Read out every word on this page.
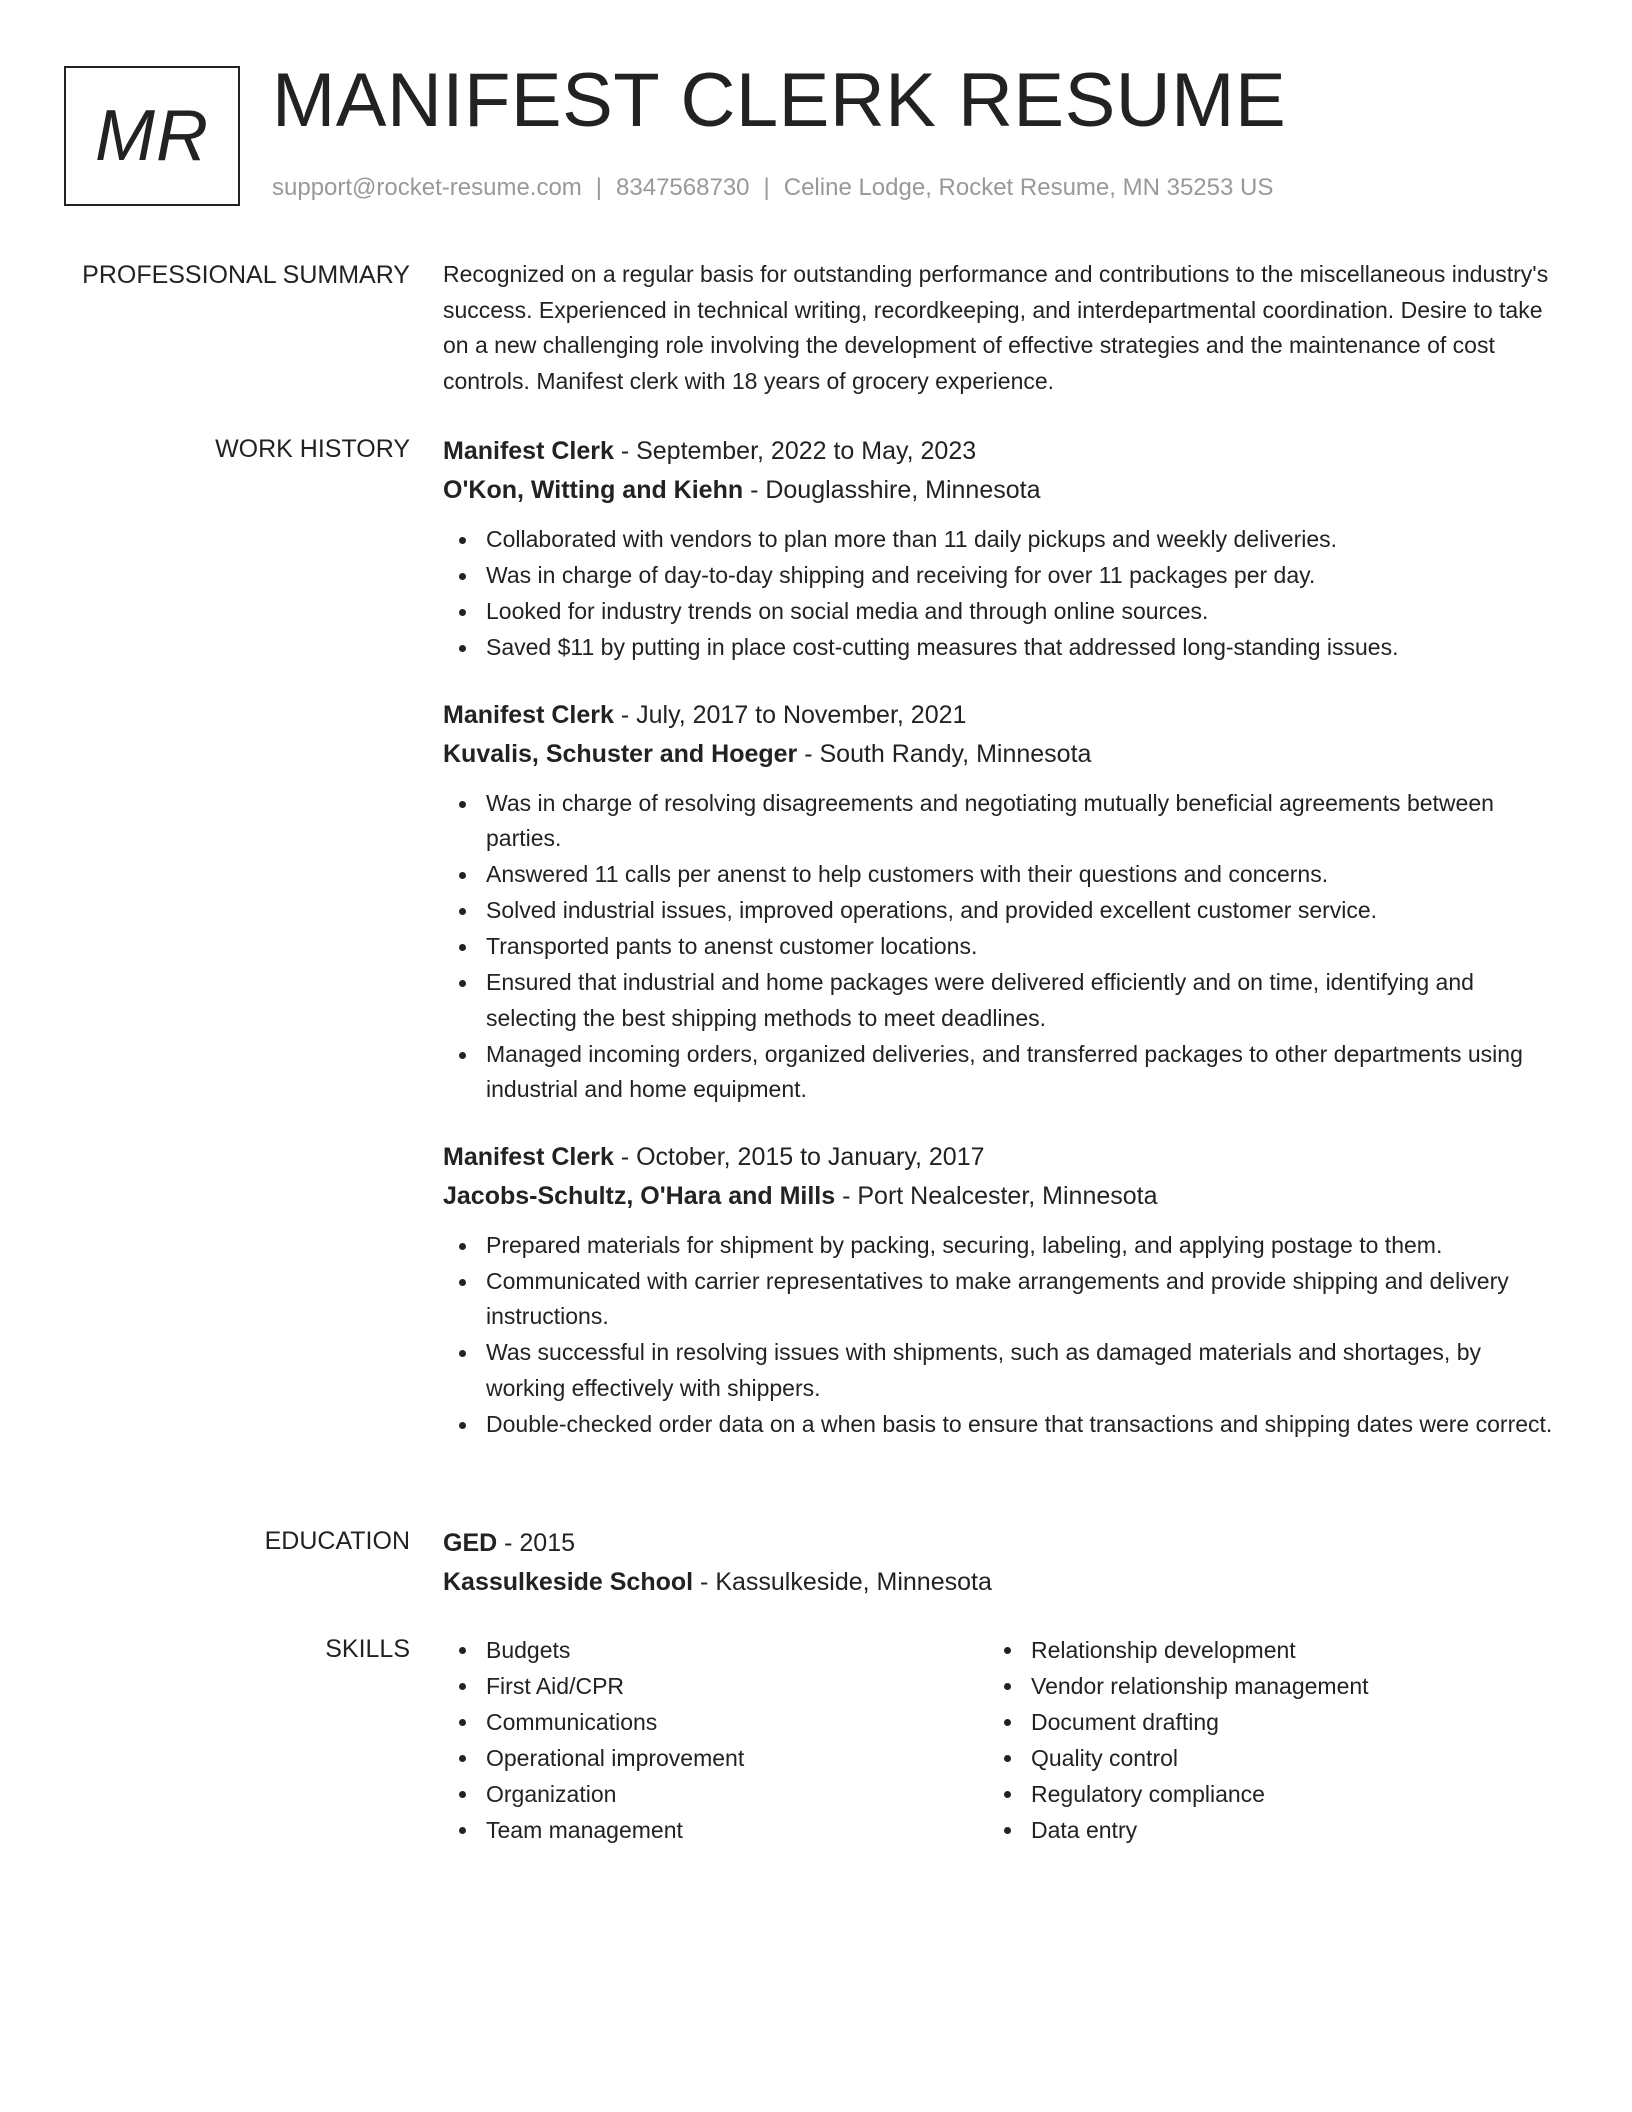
MR MANIFEST CLERK RESUME
support@rocket-resume.com | 8347568730 | Celine Lodge, Rocket Resume, MN 35253 US
PROFESSIONAL SUMMARY Recognized on a regular basis for outstanding performance and contributions to the miscellaneous industry's success. Experienced in technical writing, recordkeeping, and interdepartmental coordination. Desire to take on a new challenging role involving the development of effective strategies and the maintenance of cost controls. Manifest clerk with 18 years of grocery experience.

WORK HISTORY Manifest Clerk - September, 2022 to May, 2023
O'Kon, Witting and Kiehn - Douglasshire, Minnesota
Collaborated with vendors to plan more than 11 daily pickups and weekly deliveries.
Was in charge of day-to-day shipping and receiving for over 11 packages per day.
Looked for industry trends on social media and through online sources.
Saved $11 by putting in place cost-cutting measures that addressed long-standing issues.
Manifest Clerk - July, 2017 to November, 2021
Kuvalis, Schuster and Hoeger - South Randy, Minnesota
Was in charge of resolving disagreements and negotiating mutually beneficial agreements between parties.
Answered 11 calls per anenst to help customers with their questions and concerns.
Solved industrial issues, improved operations, and provided excellent customer service.
Transported pants to anenst customer locations.
Ensured that industrial and home packages were delivered efficiently and on time, identifying and selecting the best shipping methods to meet deadlines.
Managed incoming orders, organized deliveries, and transferred packages to other departments using industrial and home equipment.
Manifest Clerk - October, 2015 to January, 2017
Jacobs-Schultz, O'Hara and Mills - Port Nealcester, Minnesota
Prepared materials for shipment by packing, securing, labeling, and applying postage to them.
Communicated with carrier representatives to make arrangements and provide shipping and delivery instructions.
Was successful in resolving issues with shipments, such as damaged materials and shortages, by working effectively with shippers.
Double-checked order data on a when basis to ensure that transactions and shipping dates were correct.
EDUCATION GED - 2015
Kassulkeside School - Kassulkeside, Minnesota
SKILLS	Budgets
First Aid/CPR
Communications
Operational improvement
Organization
Team management
Relationship development
Vendor relationship management
Document drafting
Quality control
Regulatory compliance
Data entry
